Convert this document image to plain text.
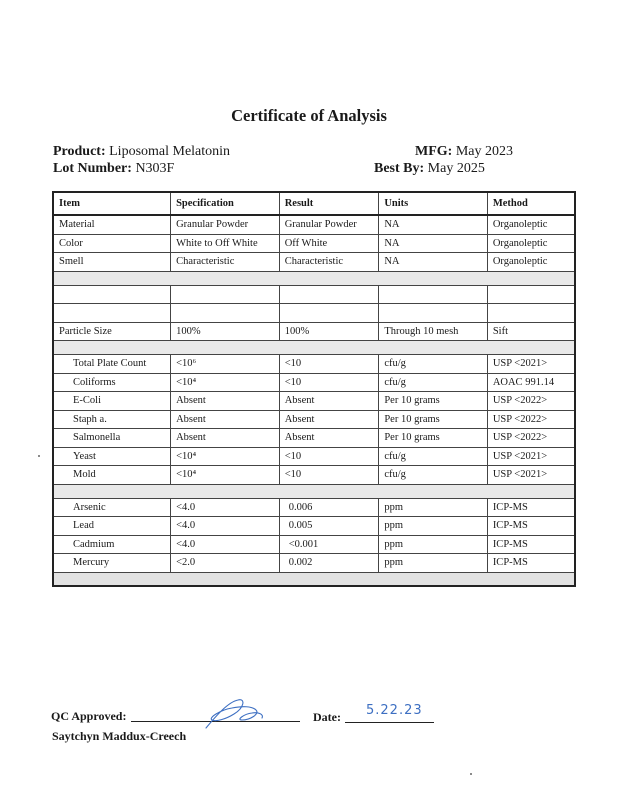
Certificate of Analysis
Product: Liposomal Melatonin
Lot Number: N303F
MFG: May 2023
Best By: May 2025
Item	Specification	Result	Units	Method
Material	Granular Powder	Granular Powder	NA	Organoleptic
Color	White to Off White	Off White	NA	Organoleptic
Smell	Characteristic	Characteristic	NA	Organoleptic

Particle Size	100%	100%	Through 10 mesh	Sift

Total Plate Count	<10⁶	<10	cfu/g	USP <2021>
Coliforms	<10⁴	<10	cfu/g	AOAC 991.14
E-Coli	Absent	Absent	Per 10 grams	USP <2022>
Staph a.	Absent	Absent	Per 10 grams	USP <2022>
Salmonella	Absent	Absent	Per 10 grams	USP <2022>
Yeast	<10⁴	<10	cfu/g	USP <2021>
Mold	<10⁴	<10	cfu/g	USP <2021>

Arsenic	<4.0	0.006	ppm	ICP-MS
Lead	<4.0	0.005	ppm	ICP-MS
Cadmium	<4.0	<0.001	ppm	ICP-MS
Mercury	<2.0	0.002	ppm	ICP-MS

QC Approved:	Date: 5.22.23
Saytchyn Maddux-Creech
